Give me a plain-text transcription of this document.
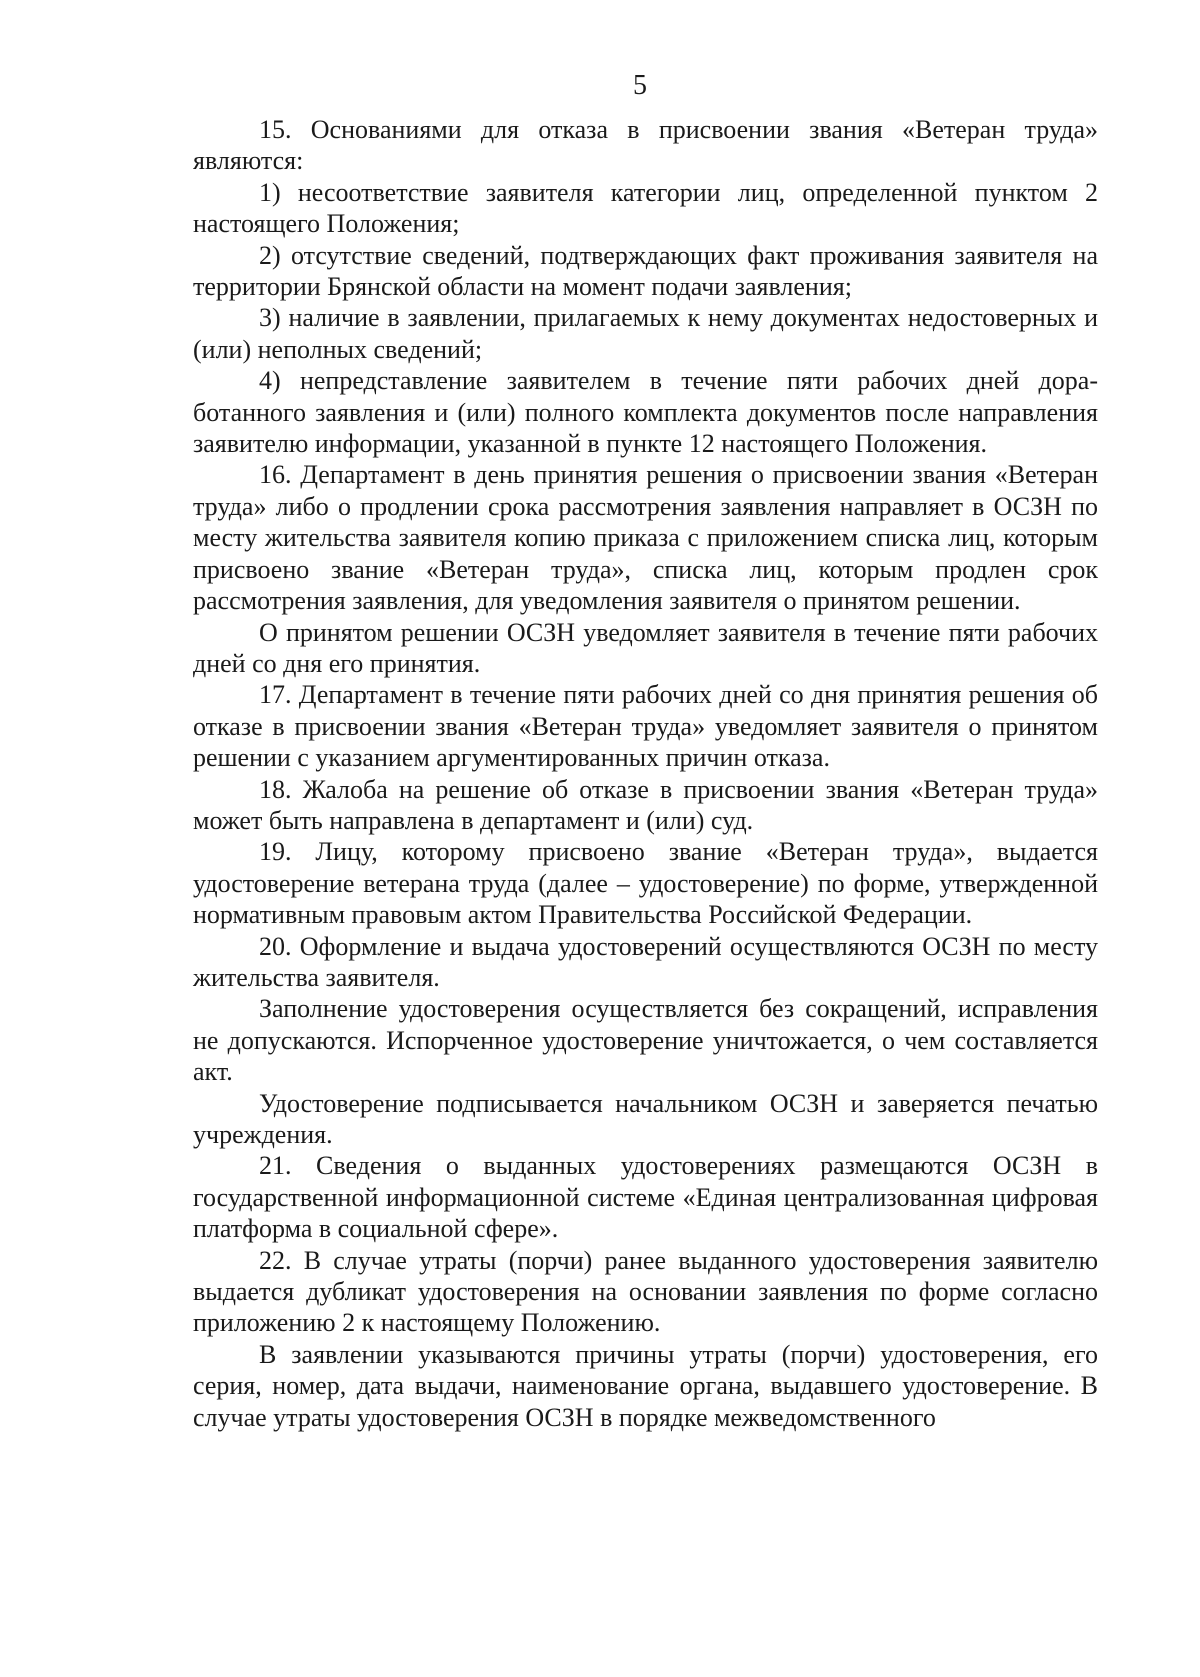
5

15. Основаниями для отказа в присвоении звания «Ветеран труда» являются:

1) несоответствие заявителя категории лиц, определенной пунктом 2 настоящего Положения;

2) отсутствие сведений, подтверждающих факт проживания заявителя на территории Брянской области на момент подачи заявления;

3) наличие в заявлении, прилагаемых к нему документах недостоверных и (или) неполных сведений;

4) непредставление заявителем в течение пяти рабочих дней доработанного заявления и (или) полного комплекта документов после направления заявителю информации, указанной в пункте 12 настоящего Положения.

16. Департамент в день принятия решения о присвоении звания «Ветеран труда» либо о продлении срока рассмотрения заявления направляет в ОСЗН по месту жительства заявителя копию приказа с приложением списка лиц, которым присвоено звание «Ветеран труда», списка лиц, которым продлен срок рассмотрения заявления, для уведомления заявителя о принятом решении.

О принятом решении ОСЗН уведомляет заявителя в течение пяти рабочих дней со дня его принятия.

17. Департамент в течение пяти рабочих дней со дня принятия решения об отказе в присвоении звания «Ветеран труда» уведомляет заявителя о принятом решении с указанием аргументированных причин отказа.

18. Жалоба на решение об отказе в присвоении звания «Ветеран труда» может быть направлена в департамент и (или) суд.

19. Лицу, которому присвоено звание «Ветеран труда», выдается удостоверение ветерана труда (далее – удостоверение) по форме, утвержденной нормативным правовым актом Правительства Российской Федерации.

20. Оформление и выдача удостоверений осуществляются ОСЗН по месту жительства заявителя.

Заполнение удостоверения осуществляется без сокращений, исправления не допускаются. Испорченное удостоверение уничтожается, о чем составляется акт.

Удостоверение подписывается начальником ОСЗН и заверяется печатью учреждения.

21. Сведения о выданных удостоверениях размещаются ОСЗН в государственной информационной системе «Единая централизованная цифровая платформа в социальной сфере».

22. В случае утраты (порчи) ранее выданного удостоверения заявителю выдается дубликат удостоверения на основании заявления по форме согласно приложению 2 к настоящему Положению.

В заявлении указываются причины утраты (порчи) удостоверения, его серия, номер, дата выдачи, наименование органа, выдавшего удостоверение. В случае утраты удостоверения ОСЗН в порядке межведомственного
